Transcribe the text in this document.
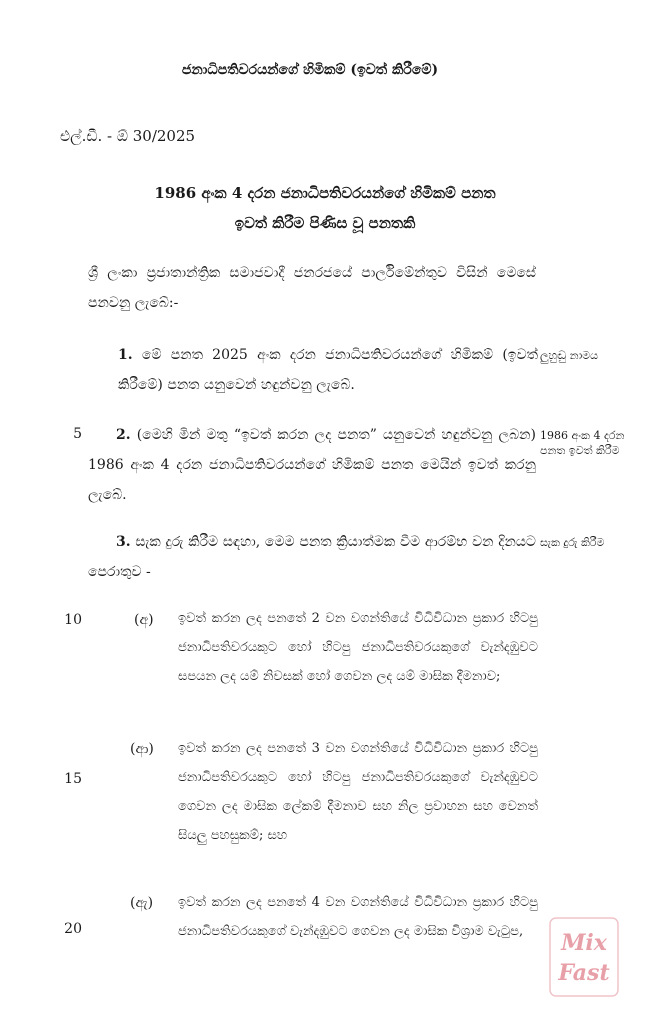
ජනාධිපතිවරයන්ගේ හිමිකම් (ඉවත් කිරීමේ)
එල්.ඩී. - ඕ 30/2025
1986 අංක 4 දරන ජනාධිපතිවරයන්ගේ හිමිකම් පනත
ඉවත් කිරීම පිණිස වූ පනතකි
ශ්‍රී ලංකා ප්‍රජාතාන්ත්‍රික සමාජවාදී ජනරජයේ පාර්ලිමේන්තුව විසින් මෙසේ පනවනු ලැබේ:-
1. මේ පනත 2025 අංක දරන ජනාධිපතිවරයන්ගේ හිමිකම් (ඉවත් කිරීමේ) පනත යනුවෙන් හඳුන්වනු ලැබේ.
ලුහුඬු නාමය
5	2. (මෙහි මින් මතු “ඉවත් කරන ලද පනත” යනුවෙන් හඳුන්වනු ලබන) 1986 අංක 4 දරන ජනාධිපතිවරයන්ගේ හිමිකම් පනත මෙයින් ඉවත් කරනු ලැබේ.
1986 අංක 4 දරන පනත ඉවත් කිරීම
3. සැක දුරු කිරීම සඳහා, මෙම පනත ක්‍රියාත්මක වීම ආරම්භ වන දිනයට පෙරාතුව -
සැක දුරු කිරීම
10	(අ) ඉවත් කරන ලද පනතේ 2 වන වගන්තියේ විධිවිධාන ප්‍රකාර හිටපු ජනාධිපතිවරයකුට හෝ හිටපු ජනාධිපතිවරයකුගේ වැන්දඹුවට සපයන ලද යම් නිවසක් හෝ ගෙවන ලද යම් මාසික දීමනාව;
(ආ)
15
ඉවත් කරන ලද පනතේ 3 වන වගන්තියේ විධිවිධාන ප්‍රකාර හිටපු ජනාධිපතිවරයකුට හෝ හිටපු ජනාධිපතිවරයකුගේ වැන්දඹුවට ගෙවන ලද මාසික ලේකම් දීමනාව සහ නිල ප්‍රවාහන සහ වෙනත් සියලු පහසුකම්; සහ
(ඇ)
20
ඉවත් කරන ලද පනතේ 4 වන වගන්තියේ විධිවිධාන ප්‍රකාර හිටපු ජනාධිපතිවරයකුගේ වැන්දඹුවට ගෙවන ලද මාසික විශ්‍රාම වැටුප,	Mix
Fast
